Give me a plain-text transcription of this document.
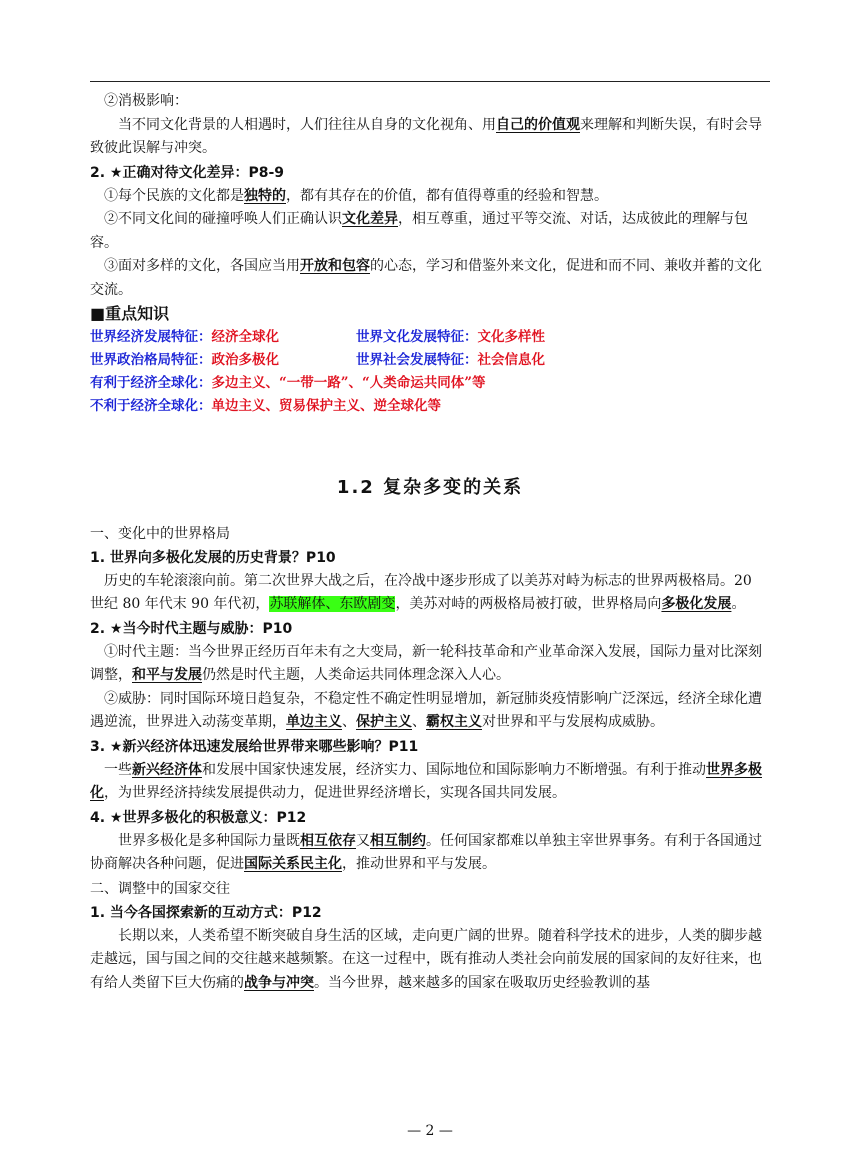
②消极影响：

当不同文化背景的人相遇时，人们往往从自身的文化视角、用自己的价值观来理解和判断失误，有时会导致彼此误解与冲突。

2. ★正确对待文化差异：P8-9

①每个民族的文化都是独特的，都有其存在的价值，都有值得尊重的经验和智慧。

②不同文化间的碰撞呼唤人们正确认识文化差异，相互尊重，通过平等交流、对话，达成彼此的理解与包容。

③面对多样的文化，各国应当用开放和包容的心态，学习和借鉴外来文化，促进和而不同、兼收并蓄的文化交流。

■重点知识

世界经济发展特征：经济全球化	世界文化发展特征：文化多样性

世界政治格局特征：政治多极化	世界社会发展特征：社会信息化

有利于经济全球化：多边主义、“一带一路”、“人类命运共同体”等

不利于经济全球化：单边主义、贸易保护主义、逆全球化等

1.2 复杂多变的关系

一、变化中的世界格局

1. 世界向多极化发展的历史背景？P10

历史的车轮滚滚向前。第二次世界大战之后，在冷战中逐步形成了以美苏对峙为标志的世界两极格局。20 世纪 80 年代末 90 年代初，苏联解体、东欧剧变，美苏对峙的两极格局被打破，世界格局向多极化发展。

2. ★当今时代主题与威胁：P10

①时代主题：当今世界正经历百年未有之大变局，新一轮科技革命和产业革命深入发展，国际力量对比深刻调整，和平与发展仍然是时代主题，人类命运共同体理念深入人心。

②威胁：同时国际环境日趋复杂，不稳定性不确定性明显增加，新冠肺炎疫情影响广泛深远，经济全球化遭遇逆流，世界进入动荡变革期，单边主义、保护主义、霸权主义对世界和平与发展构成威胁。

3. ★新兴经济体迅速发展给世界带来哪些影响？P11

一些新兴经济体和发展中国家快速发展，经济实力、国际地位和国际影响力不断增强。有利于推动世界多极化，为世界经济持续发展提供动力，促进世界经济增长，实现各国共同发展。

4. ★世界多极化的积极意义：P12

世界多极化是多种国际力量既相互依存又相互制约。任何国家都难以单独主宰世界事务。有利于各国通过协商解决各种问题，促进国际关系民主化，推动世界和平与发展。

二、调整中的国家交往

1. 当今各国探索新的互动方式：P12

长期以来，人类希望不断突破自身生活的区域，走向更广阔的世界。随着科学技术的进步，人类的脚步越走越远，国与国之间的交往越来越频繁。在这一过程中，既有推动人类社会向前发展的国家间的友好往来，也有给人类留下巨大伤痛的战争与冲突。当今世界，越来越多的国家在吸取历史经验教训的基

— 2 —
